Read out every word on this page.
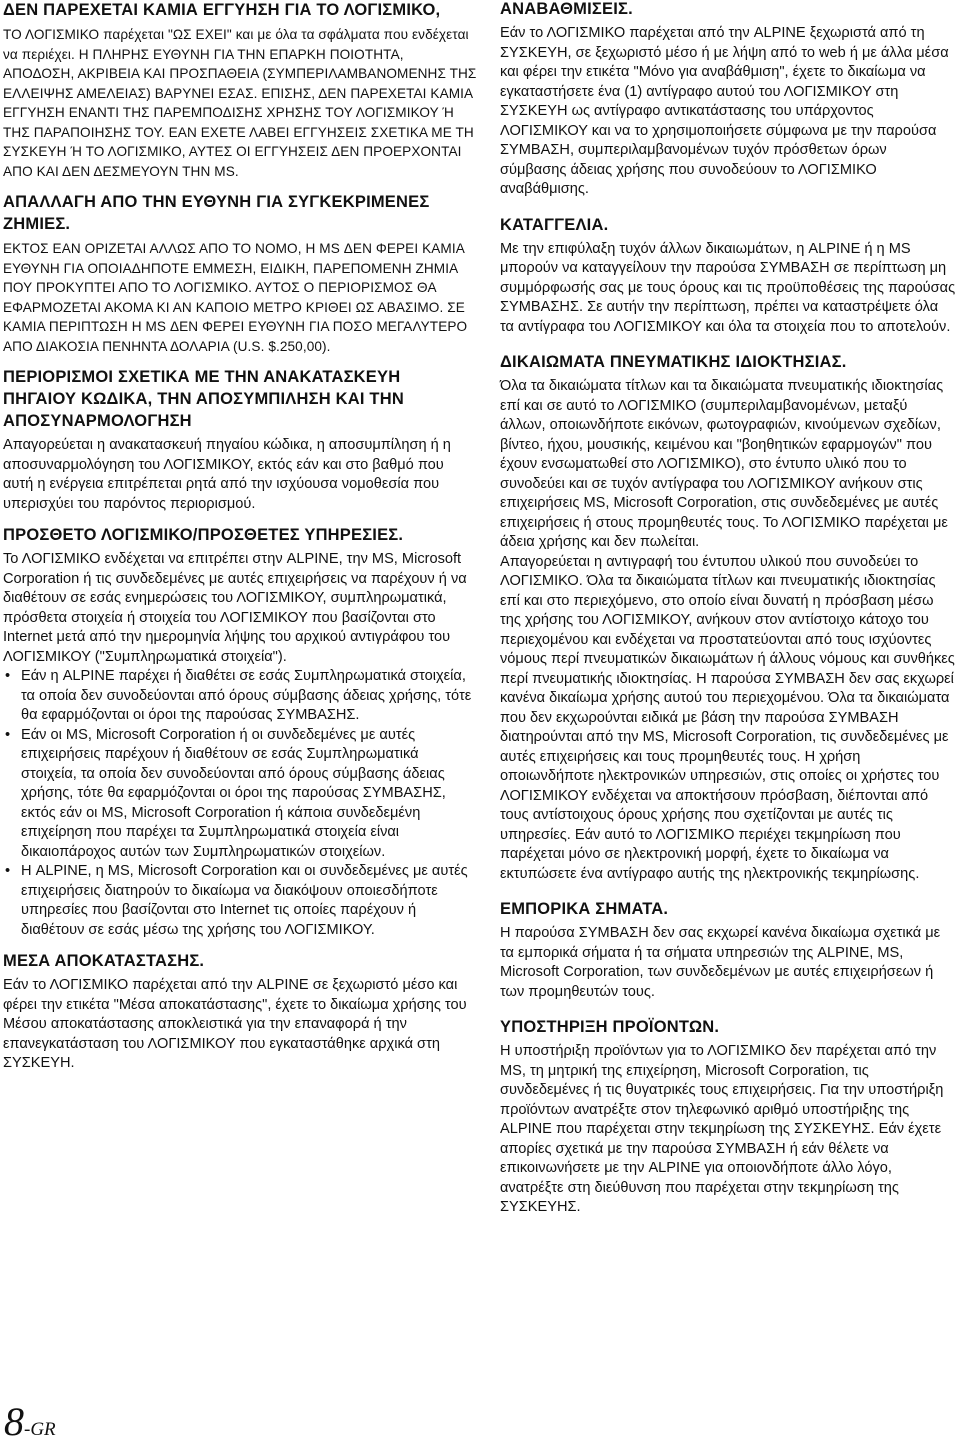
ΔΕΝ ΠΑΡΕΧΕΤΑΙ ΚΑΜΙΑ ΕΓΓΥΗΣΗ ΓΙΑ ΤΟ ΛΟΓΙΣΜΙΚΟ,

ΤΟ ΛΟΓΙΣΜΙΚΟ παρέχεται "ΩΣ ΕΧΕΙ" και με όλα τα σφάλματα που ενδέχεται να περιέχει. Η ΠΛΗΡΗΣ ΕΥΘΥΝΗ ΓΙΑ ΤΗΝ ΕΠΑΡΚΗ ΠΟΙΟΤΗΤΑ, ΑΠΟΔΟΣΗ, ΑΚΡΙΒΕΙΑ ΚΑΙ ΠΡΟΣΠΑΘΕΙΑ (ΣΥΜΠΕΡΙΛΑΜΒΑΝΟΜΕΝΗΣ ΤΗΣ ΕΛΛΕΙΨΗΣ ΑΜΕΛΕΙΑΣ) ΒΑΡΥΝΕΙ ΕΣΑΣ. ΕΠΙΣΗΣ, ΔΕΝ ΠΑΡΕΧΕΤΑΙ ΚΑΜΙΑ ΕΓΓΥΗΣΗ ΕΝΑΝΤΙ ΤΗΣ ΠΑΡΕΜΠΟΔΙΣΗΣ ΧΡΗΣΗΣ ΤΟΥ ΛΟΓΙΣΜΙΚΟΥ Ή ΤΗΣ ΠΑΡΑΠΟΙΗΣΗΣ ΤΟΥ. ΕΑΝ ΕΧΕΤΕ ΛΑΒΕΙ ΕΓΓΥΗΣΕΙΣ ΣΧΕΤΙΚΑ ΜΕ ΤΗ ΣΥΣΚΕΥΗ Ή ΤΟ ΛΟΓΙΣΜΙΚΟ, ΑΥΤΕΣ ΟΙ ΕΓΓΥΗΣΕΙΣ ΔΕΝ ΠΡΟΕΡΧΟΝΤΑΙ ΑΠΟ ΚΑΙ ΔΕΝ ΔΕΣΜΕΥΟΥΝ ΤΗΝ MS.

ΑΠΑΛΛΑΓΗ ΑΠΟ ΤΗΝ ΕΥΘΥΝΗ ΓΙΑ ΣΥΓΚΕΚΡΙΜΕΝΕΣ ΖΗΜΙΕΣ.

ΕΚΤΟΣ ΕΑΝ ΟΡΙΖΕΤΑΙ ΑΛΛΩΣ ΑΠΟ ΤΟ ΝΟΜΟ, Η MS ΔΕΝ ΦΕΡΕΙ ΚΑΜΙΑ ΕΥΘΥΝΗ ΓΙΑ ΟΠΟΙΑΔΗΠΟΤΕ ΕΜΜΕΣΗ, ΕΙΔΙΚΗ, ΠΑΡΕΠΟΜΕΝΗ ΖΗΜΙΑ ΠΟΥ ΠΡΟΚΥΠΤΕΙ ΑΠΟ ΤΟ ΛΟΓΙΣΜΙΚΟ. ΑΥΤΟΣ Ο ΠΕΡΙΟΡΙΣΜΟΣ ΘΑ ΕΦΑΡΜΟΖΕΤΑΙ ΑΚΟΜΑ ΚΙ ΑΝ ΚΑΠΟΙΟ ΜΕΤΡΟ ΚΡΙΘΕΙ ΩΣ ΑΒΑΣΙΜΟ. ΣΕ ΚΑΜΙΑ ΠΕΡΙΠΤΩΣΗ Η MS ΔΕΝ ΦΕΡΕΙ ΕΥΘΥΝΗ ΓΙΑ ΠΟΣΟ ΜΕΓΑΛΥΤΕΡΟ ΑΠΟ ΔΙΑΚΟΣΙΑ ΠΕΝΗΝΤΑ ΔΟΛΑΡΙΑ (U.S. $.250,00).

ΠΕΡΙΟΡΙΣΜΟΙ ΣΧΕΤΙΚΑ ΜΕ ΤΗΝ ΑΝΑΚΑΤΑΣΚΕΥΗ ΠΗΓΑΙΟΥ ΚΩΔΙΚΑ, ΤΗΝ ΑΠΟΣΥΜΠΙΛΗΣΗ ΚΑΙ ΤΗΝ ΑΠΟΣΥΝΑΡΜΟΛΟΓΗΣΗ

Απαγορεύεται η ανακατασκευή πηγαίου κώδικα, η αποσυμπίληση ή η αποσυναρμολόγηση του ΛΟΓΙΣΜΙΚΟΥ, εκτός εάν και στο βαθμό που αυτή η ενέργεια επιτρέπεται ρητά από την ισχύουσα νομοθεσία που υπερισχύει του παρόντος περιορισμού.

ΠΡΟΣΘΕΤΟ ΛΟΓΙΣΜΙΚΟ/ΠΡΟΣΘΕΤΕΣ ΥΠΗΡΕΣΙΕΣ.

Το ΛΟΓΙΣΜΙΚΟ ενδέχεται να επιτρέπει στην ALPINE, την MS, Microsoft Corporation ή τις συνδεδεμένες με αυτές επιχειρήσεις να παρέχουν ή να διαθέτουν σε εσάς ενημερώσεις του ΛΟΓΙΣΜΙΚΟΥ, συμπληρωματικά, πρόσθετα στοιχεία ή στοιχεία του ΛΟΓΙΣΜΙΚΟΥ που βασίζονται στο Internet μετά από την ημερομηνία λήψης του αρχικού αντιγράφου του ΛΟΓΙΣΜΙΚΟΥ ("Συμπληρωματικά στοιχεία").

• Εάν η ALPINE παρέχει ή διαθέτει σε εσάς Συμπληρωματικά στοιχεία, τα οποία δεν συνοδεύονται από όρους σύμβασης άδειας χρήσης, τότε θα εφαρμόζονται οι όροι της παρούσας ΣΥΜΒΑΣΗΣ.
• Εάν οι MS, Microsoft Corporation ή οι συνδεδεμένες με αυτές επιχειρήσεις παρέχουν ή διαθέτουν σε εσάς Συμπληρωματικά στοιχεία, τα οποία δεν συνοδεύονται από όρους σύμβασης άδειας χρήσης, τότε θα εφαρμόζονται οι όροι της παρούσας ΣΥΜΒΑΣΗΣ, εκτός εάν οι MS, Microsoft Corporation ή κάποια συνδεδεμένη επιχείρηση που παρέχει τα Συμπληρωματικά στοιχεία είναι δικαιοπάροχος αυτών των Συμπληρωματικών στοιχείων.
• Η ALPINE, η MS, Microsoft Corporation και οι συνδεδεμένες με αυτές επιχειρήσεις διατηρούν το δικαίωμα να διακόψουν οποιεσδήποτε υπηρεσίες που βασίζονται στο Internet τις οποίες παρέχουν ή διαθέτουν σε εσάς μέσω της χρήσης του ΛΟΓΙΣΜΙΚΟΥ.
ΜΕΣΑ ΑΠΟΚΑΤΑΣΤΑΣΗΣ.

Εάν το ΛΟΓΙΣΜΙΚΟ παρέχεται από την ALPINE σε ξεχωριστό μέσο και φέρει την ετικέτα "Μέσα αποκατάστασης", έχετε το δικαίωμα χρήσης του Μέσου αποκατάστασης αποκλειστικά για την επαναφορά ή την επανεγκατάσταση του ΛΟΓΙΣΜΙΚΟΥ που εγκαταστάθηκε αρχικά στη ΣΥΣΚΕΥΗ.

ΑΝΑΒΑΘΜΙΣΕΙΣ.

Εάν το ΛΟΓΙΣΜΙΚΟ παρέχεται από την ALPINE ξεχωριστά από τη ΣΥΣΚΕΥΗ, σε ξεχωριστό μέσο ή με λήψη από το web ή με άλλα μέσα και φέρει την ετικέτα "Μόνο για αναβάθμιση", έχετε το δικαίωμα να εγκαταστήσετε ένα (1) αντίγραφο αυτού του ΛΟΓΙΣΜΙΚΟΥ στη ΣΥΣΚΕΥΗ ως αντίγραφο αντικατάστασης του υπάρχοντος ΛΟΓΙΣΜΙΚΟΥ και να το χρησιμοποιήσετε σύμφωνα με την παρούσα ΣΥΜΒΑΣΗ, συμπεριλαμβανομένων τυχόν πρόσθετων όρων σύμβασης άδειας χρήσης που συνοδεύουν το ΛΟΓΙΣΜΙΚΟ αναβάθμισης.

ΚΑΤΑΓΓΕΛΙΑ.

Με την επιφύλαξη τυχόν άλλων δικαιωμάτων, η ALPINE ή η MS μπορούν να καταγγείλουν την παρούσα ΣΥΜΒΑΣΗ σε περίπτωση μη συμμόρφωσής σας με τους όρους και τις προϋποθέσεις της παρούσας ΣΥΜΒΑΣΗΣ. Σε αυτήν την περίπτωση, πρέπει να καταστρέψετε όλα τα αντίγραφα του ΛΟΓΙΣΜΙΚΟΥ και όλα τα στοιχεία που το αποτελούν.

ΔΙΚΑΙΩΜΑΤΑ ΠΝΕΥΜΑΤΙΚΗΣ ΙΔΙΟΚΤΗΣΙΑΣ.

Όλα τα δικαιώματα τίτλων και τα δικαιώματα πνευματικής ιδιοκτησίας επί και σε αυτό το ΛΟΓΙΣΜΙΚΟ (συμπεριλαμβανομένων, μεταξύ άλλων, οποιωνδήποτε εικόνων, φωτογραφιών, κινούμενων σχεδίων, βίντεο, ήχου, μουσικής, κειμένου και "βοηθητικών εφαρμογών" που έχουν ενσωματωθεί στο ΛΟΓΙΣΜΙΚΟ), στο έντυπο υλικό που το συνοδεύει και σε τυχόν αντίγραφα του ΛΟΓΙΣΜΙΚΟΥ ανήκουν στις επιχειρήσεις MS, Microsoft Corporation, στις συνδεδεμένες με αυτές επιχειρήσεις ή στους προμηθευτές τους. Το ΛΟΓΙΣΜΙΚΟ παρέχεται με άδεια χρήσης και δεν πωλείται.

Απαγορεύεται η αντιγραφή του έντυπου υλικού που συνοδεύει το ΛΟΓΙΣΜΙΚΟ. Όλα τα δικαιώματα τίτλων και πνευματικής ιδιοκτησίας επί και στο περιεχόμενο, στο οποίο είναι δυνατή η πρόσβαση μέσω της χρήσης του ΛΟΓΙΣΜΙΚΟΥ, ανήκουν στον αντίστοιχο κάτοχο του περιεχομένου και ενδέχεται να προστατεύονται από τους ισχύοντες νόμους περί πνευματικών δικαιωμάτων ή άλλους νόμους και συνθήκες περί πνευματικής ιδιοκτησίας. Η παρούσα ΣΥΜΒΑΣΗ δεν σας εκχωρεί κανένα δικαίωμα χρήσης αυτού του περιεχομένου. Όλα τα δικαιώματα που δεν εκχωρούνται ειδικά με βάση την παρούσα ΣΥΜΒΑΣΗ διατηρούνται από την MS, Microsoft Corporation, τις συνδεδεμένες με αυτές επιχειρήσεις και τους προμηθευτές τους. Η χρήση οποιωνδήποτε ηλεκτρονικών υπηρεσιών, στις οποίες οι χρήστες του ΛΟΓΙΣΜΙΚΟΥ ενδέχεται να αποκτήσουν πρόσβαση, διέπονται από τους αντίστοιχους όρους χρήσης που σχετίζονται με αυτές τις υπηρεσίες. Εάν αυτό το ΛΟΓΙΣΜΙΚΟ περιέχει τεκμηρίωση που παρέχεται μόνο σε ηλεκτρονική μορφή, έχετε το δικαίωμα να εκτυπώσετε ένα αντίγραφο αυτής της ηλεκτρονικής τεκμηρίωσης.

ΕΜΠΟΡΙΚΑ ΣΗΜΑΤΑ.

Η παρούσα ΣΥΜΒΑΣΗ δεν σας εκχωρεί κανένα δικαίωμα σχετικά με τα εμπορικά σήματα ή τα σήματα υπηρεσιών της ALPINE, MS, Microsoft Corporation, των συνδεδεμένων με αυτές επιχειρήσεων ή των προμηθευτών τους.

ΥΠΟΣΤΗΡΙΞΗ ΠΡΟΪΟΝΤΩΝ.

Η υποστήριξη προϊόντων για το ΛΟΓΙΣΜΙΚΟ δεν παρέχεται από την MS, τη μητρική της επιχείρηση, Microsoft Corporation, τις συνδεδεμένες ή τις θυγατρικές τους επιχειρήσεις. Για την υποστήριξη προϊόντων ανατρέξτε στον τηλεφωνικό αριθμό υποστήριξης της ALPINE που παρέχεται στην τεκμηρίωση της ΣΥΣΚΕΥΗΣ. Εάν έχετε απορίες σχετικά με την παρούσα ΣΥΜΒΑΣΗ ή εάν θέλετε να επικοινωνήσετε με την ALPINE για οποιονδήποτε άλλο λόγο, ανατρέξτε στη διεύθυνση που παρέχεται στην τεκμηρίωση της ΣΥΣΚΕΥΗΣ.

8-GR
